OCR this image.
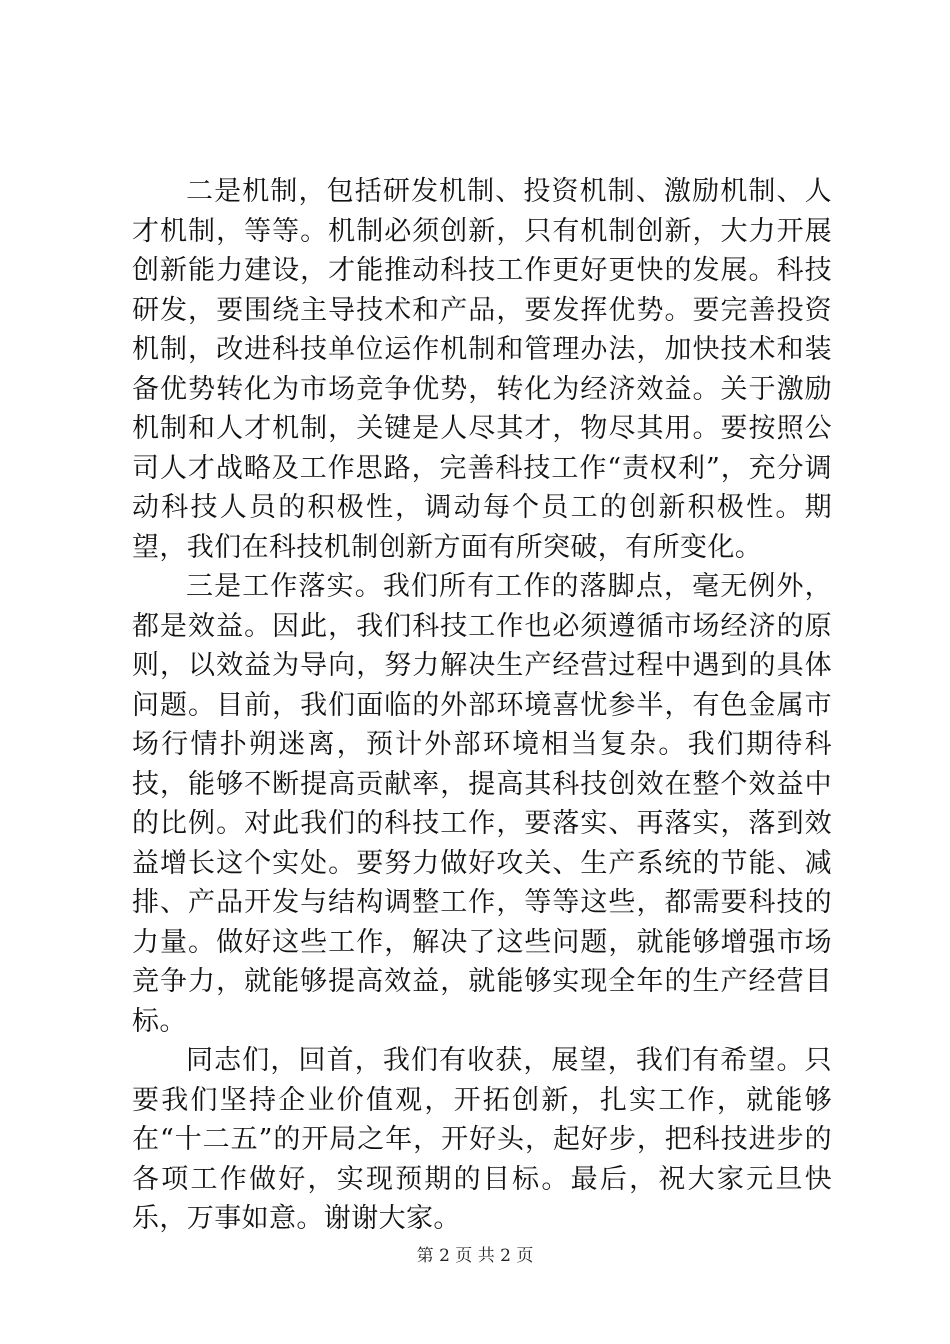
二是机制，包括研发机制、投资机制、激励机制、人才机制，等等。机制必须创新，只有机制创新，大力开展创新能力建设，才能推动科技工作更好更快的发展。科技研发，要围绕主导技术和产品，要发挥优势。要完善投资机制，改进科技单位运作机制和管理办法，加快技术和装备优势转化为市场竞争优势，转化为经济效益。关于激励机制和人才机制，关键是人尽其才，物尽其用。要按照公司人才战略及工作思路，完善科技工作“责权利”，充分调动科技人员的积极性，调动每个员工的创新积极性。期望，我们在科技机制创新方面有所突破，有所变化。

三是工作落实。我们所有工作的落脚点，毫无例外，都是效益。因此，我们科技工作也必须遵循市场经济的原则，以效益为导向，努力解决生产经营过程中遇到的具体问题。目前，我们面临的外部环境喜忧参半，有色金属市场行情扑朔迷离，预计外部环境相当复杂。我们期待科技，能够不断提高贡献率，提高其科技创效在整个效益中的比例。对此我们的科技工作，要落实、再落实，落到效益增长这个实处。要努力做好攻关、生产系统的节能、减排、产品开发与结构调整工作，等等这些，都需要科技的力量。做好这些工作，解决了这些问题，就能够增强市场竞争力，就能够提高效益，就能够实现全年的生产经营目标。

同志们，回首，我们有收获，展望，我们有希望。只要我们坚持企业价值观，开拓创新，扎实工作，就能够在“十二五”的开局之年，开好头，起好步，把科技进步的各项工作做好，实现预期的目标。最后，祝大家元旦快乐，万事如意。谢谢大家。

第 2 页 共 2 页
